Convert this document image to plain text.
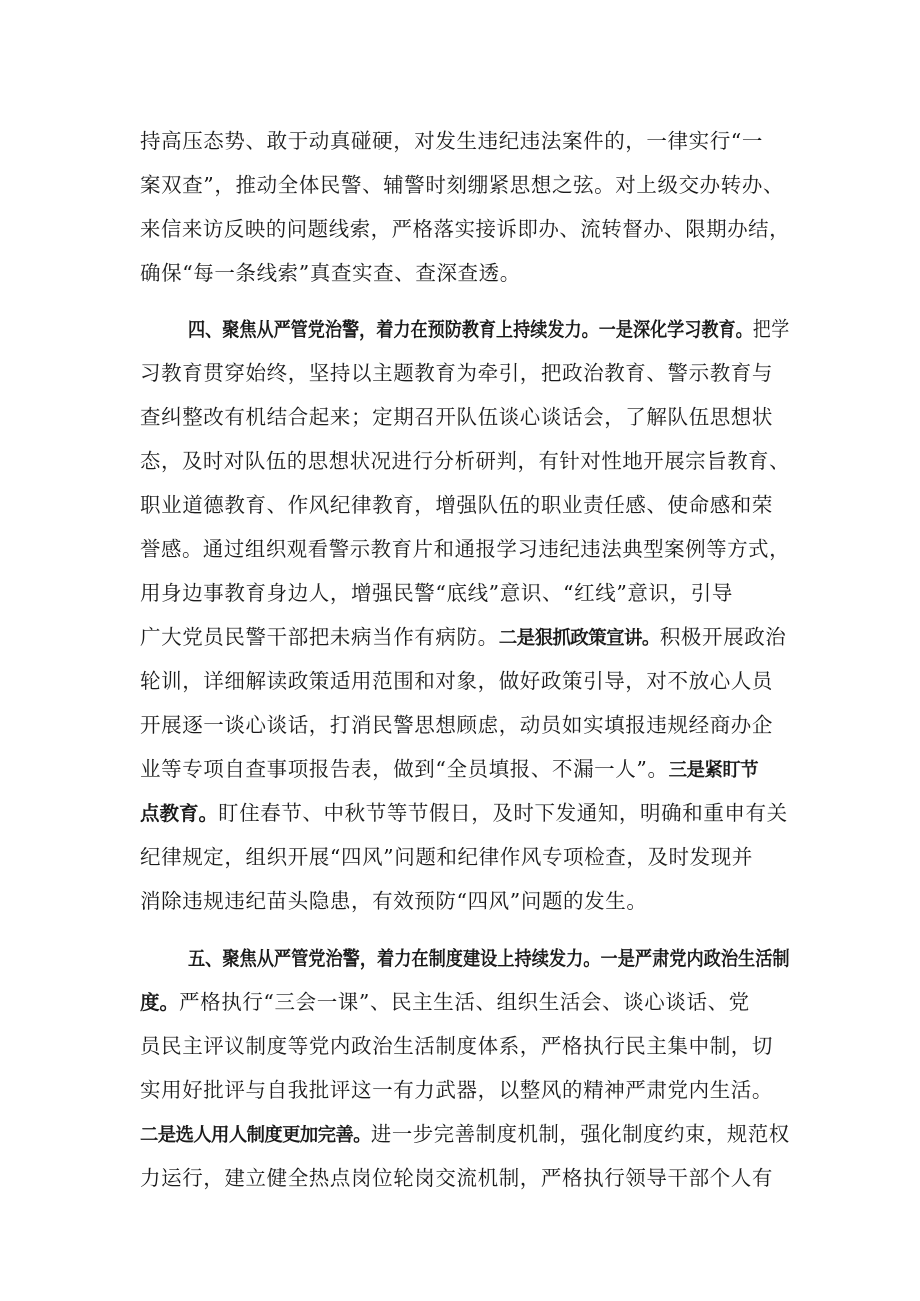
持高压态势、敢于动真碰硬，对发生违纪违法案件的，一律实行“一
案双查”，推动全体民警、辅警时刻绷紧思想之弦。对上级交办转办、
来信来访反映的问题线索，严格落实接诉即办、流转督办、限期办结，
确保“每一条线索”真查实查、查深查透。
四、聚焦从严管党治警，着力在预防教育上持续发力。一是深化学习教育。把学
习教育贯穿始终，坚持以主题教育为牵引，把政治教育、警示教育与
查纠整改有机结合起来；定期召开队伍谈心谈话会，了解队伍思想状
态，及时对队伍的思想状况进行分析研判，有针对性地开展宗旨教育、
职业道德教育、作风纪律教育，增强队伍的职业责任感、使命感和荣
誉感。通过组织观看警示教育片和通报学习违纪违法典型案例等方式，
用身边事教育身边人，增强民警“底线”意识、“红线”意识，引导
广大党员民警干部把未病当作有病防。二是狠抓政策宣讲。积极开展政治
轮训，详细解读政策适用范围和对象，做好政策引导，对不放心人员
开展逐一谈心谈话，打消民警思想顾虑，动员如实填报违规经商办企
业等专项自查事项报告表，做到“全员填报、不漏一人”。三是紧盯节
点教育。盯住春节、中秋节等节假日，及时下发通知，明确和重申有关
纪律规定，组织开展“四风”问题和纪律作风专项检查，及时发现并
消除违规违纪苗头隐患，有效预防“四风”问题的发生。
五、聚焦从严管党治警，着力在制度建设上持续发力。一是严肃党内政治生活制
度。严格执行“三会一课”、民主生活、组织生活会、谈心谈话、党
员民主评议制度等党内政治生活制度体系，严格执行民主集中制，切
实用好批评与自我批评这一有力武器，以整风的精神严肃党内生活。
二是选人用人制度更加完善。进一步完善制度机制，强化制度约束，规范权
力运行，建立健全热点岗位轮岗交流机制，严格执行领导干部个人有
